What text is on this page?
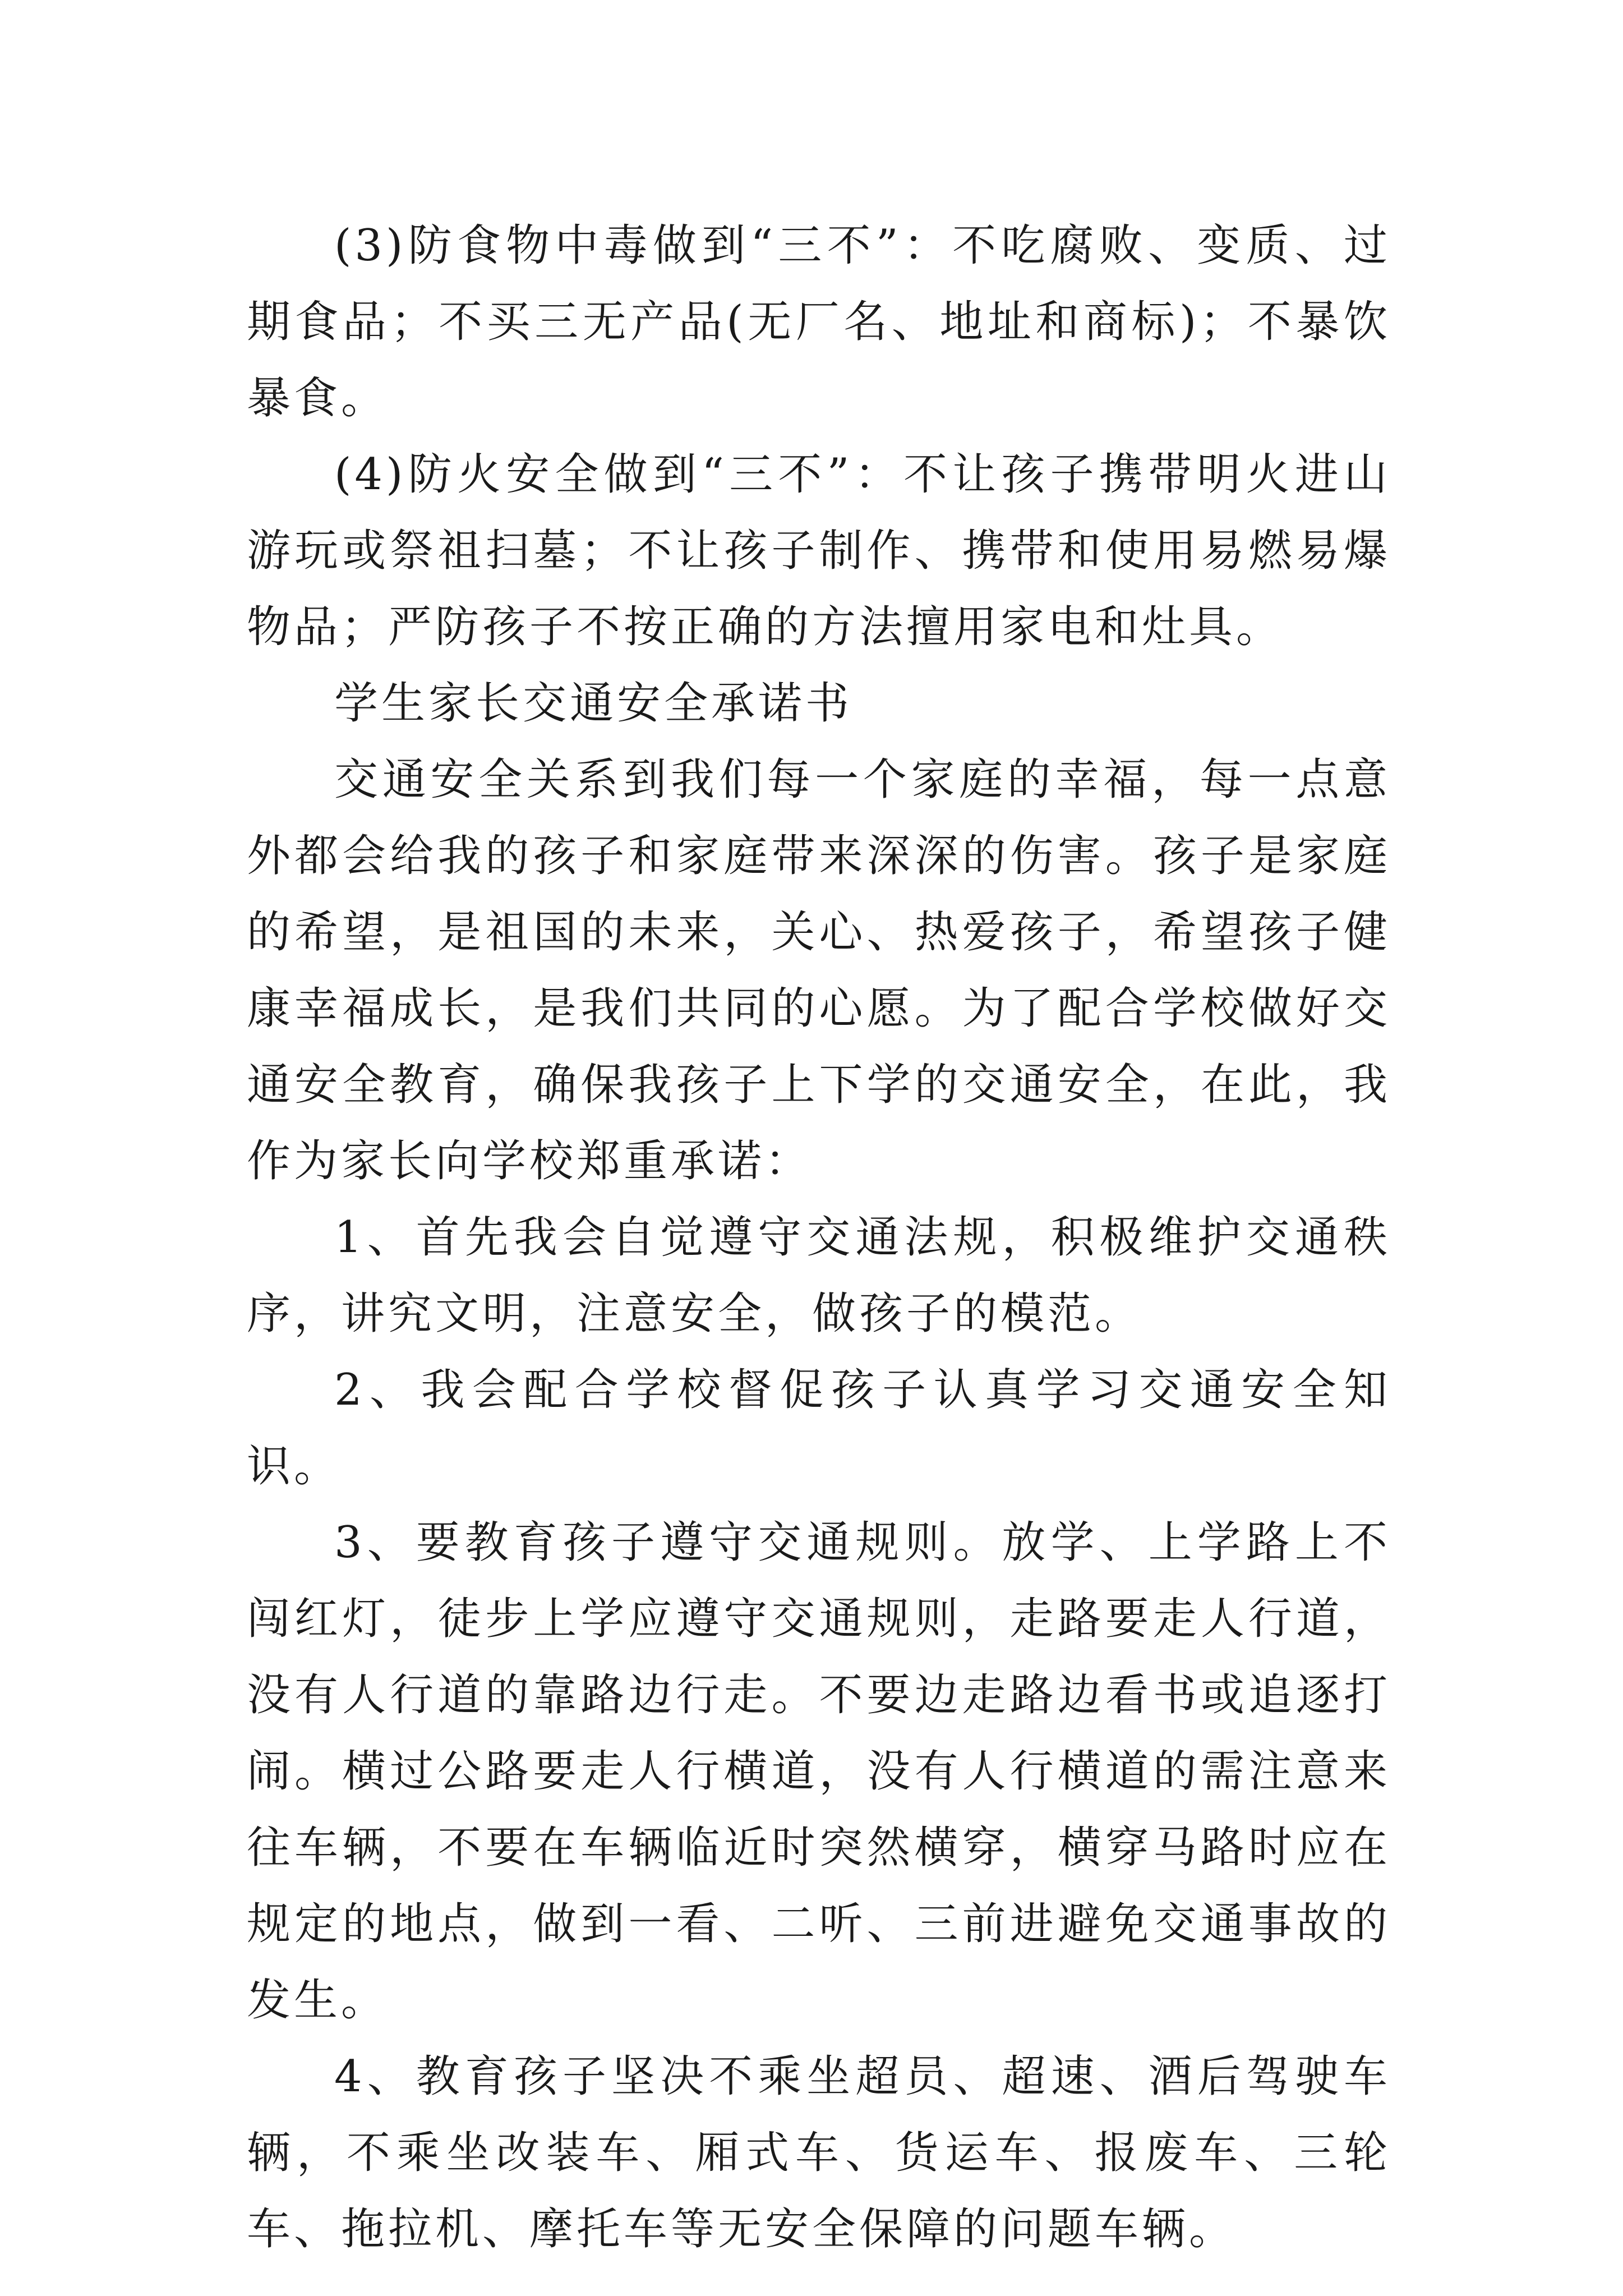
(3)防食物中毒做到“三不”：不吃腐败、变质、过期食品；不买三无产品(无厂名、地址和商标)；不暴饮暴食。

(4)防火安全做到“三不”：不让孩子携带明火进山游玩或祭祖扫墓；不让孩子制作、携带和使用易燃易爆物品；严防孩子不按正确的方法擅用家电和灶具。

学生家长交通安全承诺书

交通安全关系到我们每一个家庭的幸福，每一点意外都会给我的孩子和家庭带来深深的伤害。孩子是家庭的希望，是祖国的未来，关心、热爱孩子，希望孩子健康幸福成长，是我们共同的心愿。为了配合学校做好交通安全教育，确保我孩子上下学的交通安全，在此，我作为家长向学校郑重承诺：

1、首先我会自觉遵守交通法规，积极维护交通秩序，讲究文明，注意安全，做孩子的模范。

2、我会配合学校督促孩子认真学习交通安全知识。

3、要教育孩子遵守交通规则。放学、上学路上不闯红灯，徒步上学应遵守交通规则，走路要走人行道，没有人行道的靠路边行走。不要边走路边看书或追逐打闹。横过公路要走人行横道，没有人行横道的需注意来往车辆，不要在车辆临近时突然横穿，横穿马路时应在规定的地点，做到一看、二听、三前进避免交通事故的发生。

4、教育孩子坚决不乘坐超员、超速、酒后驾驶车辆，不乘坐改装车、厢式车、货运车、报废车、三轮车、拖拉机、摩托车等无安全保障的问题车辆。
